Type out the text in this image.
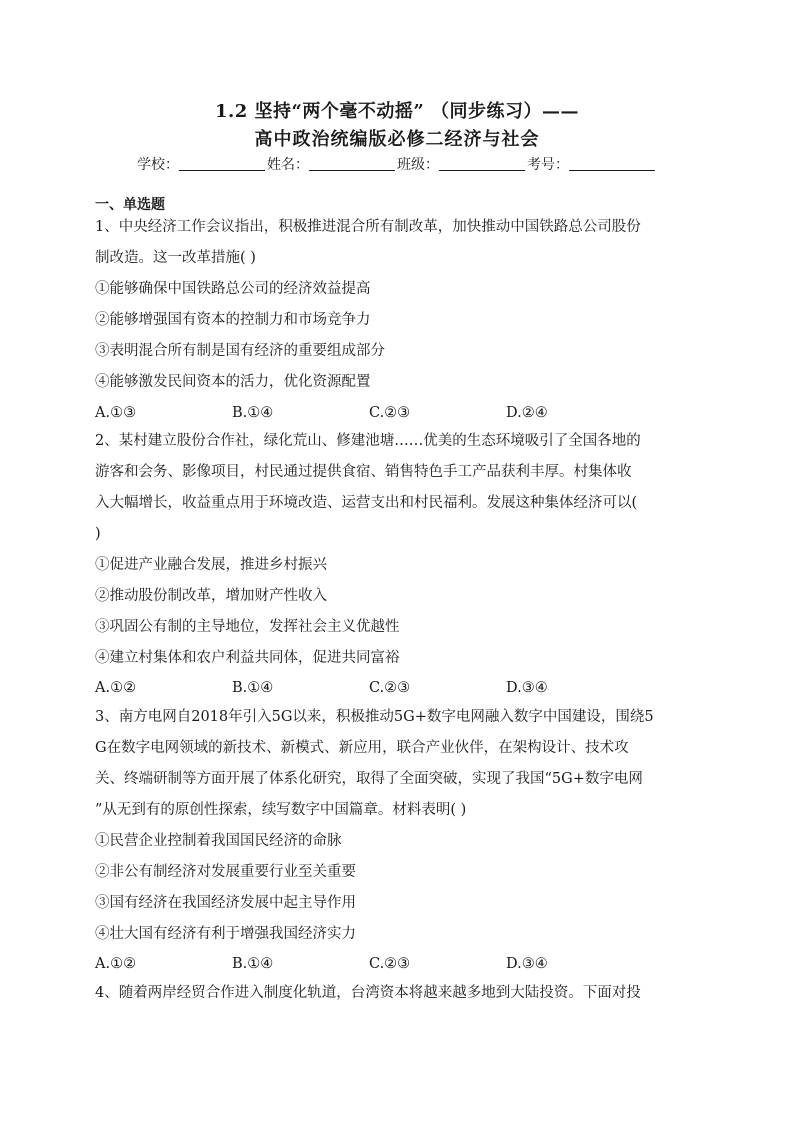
1.2 坚持“两个毫不动摇” （同步练习）——
高中政治统编版必修二经济与社会
学校：	姓名：	班级：	考号：
一、单选题
1、中央经济工作会议指出，积极推进混合所有制改革，加快推动中国铁路总公司股份
制改造。这一改革措施( )
①能够确保中国铁路总公司的经济效益提高
②能够增强国有资本的控制力和市场竞争力
③表明混合所有制是国有经济的重要组成部分
④能够激发民间资本的活力，优化资源配置
A.①③	B.①④	C.②③	D.②④
2、某村建立股份合作社，绿化荒山、修建池塘……优美的生态环境吸引了全国各地的
游客和会务、影像项目，村民通过提供食宿、销售特色手工产品获利丰厚。村集体收
入大幅增长，收益重点用于环境改造、运营支出和村民福利。发展这种集体经济可以(
)
①促进产业融合发展，推进乡村振兴
②推动股份制改革，增加财产性收入
③巩固公有制的主导地位，发挥社会主义优越性
④建立村集体和农户利益共同体，促进共同富裕
A.①②	B.①④	C.②③	D.③④
3、南方电网自2018年引入5G以来，积极推动5G+数字电网融入数字中国建设，围绕5
G在数字电网领域的新技术、新模式、新应用，联合产业伙伴，在架构设计、技术攻
关、终端研制等方面开展了体系化研究，取得了全面突破，实现了我国“5G+数字电网
”从无到有的原创性探索，续写数字中国篇章。材料表明( )
①民营企业控制着我国国民经济的命脉
②非公有制经济对发展重要行业至关重要
③国有经济在我国经济发展中起主导作用
④壮大国有经济有利于增强我国经济实力
A.①②	B.①④	C.②③	D.③④
4、随着两岸经贸合作进入制度化轨道，台湾资本将越来越多地到大陆投资。下面对投
